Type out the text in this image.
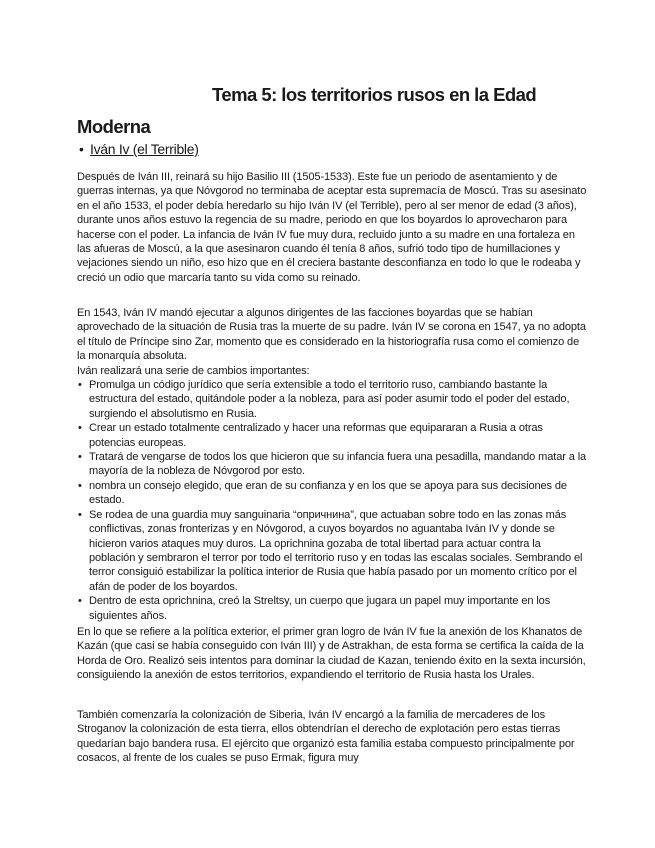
Tema 5: los territorios rusos en la Edad
Moderna
• Iván Iv (el Terrible)

Después de Iván III, reinará su hijo Basilio III (1505-1533). Este fue un periodo de asentamiento y de guerras internas, ya que Nóvgorod no terminaba de aceptar esta supremacía de Moscú. Tras su asesinato en el año 1533, el poder debía heredarlo su hijo Iván IV (el Terrible), pero al ser menor de edad (3 años), durante unos años estuvo la regencia de su madre, periodo en que los boyardos lo aprovecharon para hacerse con el poder. La infancia de Iván IV fue muy dura, recluido junto a su madre en una fortaleza en las afueras de Moscú, a la que asesinaron cuando él tenía 8 años, sufrió todo tipo de humillaciones y vejaciones siendo un niño, eso hizo que en él creciera bastante desconfianza en todo lo que le rodeaba y creció un odio que marcaría tanto su vida como su reinado.

En 1543, Iván IV mandó ejecutar a algunos dirigentes de las facciones boyardas que se habían aprovechado de la situación de Rusia tras la muerte de su padre. Iván IV se corona en 1547, ya no adopta el título de Príncipe sino Zar, momento que es considerado en la historiografía rusa como el comienzo de la monarquía absoluta.

Iván realizará una serie de cambios importantes:

• Promulga un código jurídico que sería extensible a todo el territorio ruso, cambiando bastante la estructura del estado, quitándole poder a la nobleza, para así poder asumir todo el poder del estado, surgiendo el absolutismo en Rusia.
• Crear un estado totalmente centralizado y hacer una reformas que equipararan a Rusia a otras potencias europeas.
• Tratará de vengarse de todos los que hicieron que su infancia fuera una pesadilla, mandando matar a la mayoría de la nobleza de Nóvgorod por esto.
• nombra un consejo elegido, que eran de su confianza y en los que se apoya para sus decisiones de estado.
• Se rodea de una guardia muy sanguinaria “опричнина”, que actuaban sobre todo en las zonas más conflictivas, zonas fronterizas y en Nóvgorod, a cuyos boyardos no aguantaba Iván IV y donde se hicieron varios ataques muy duros. La oprichnina gozaba de total libertad para actuar contra la población y sembraron el terror por todo el territorio ruso y en todas las escalas sociales. Sembrando el terror consiguió estabilizar la política interior de Rusia que había pasado por un momento crítico por el afán de poder de los boyardos.
• Dentro de esta oprichnina, creó la Streltsy, un cuerpo que jugara un papel muy importante en los siguientes años.

En lo que se refiere a la política exterior, el primer gran logro de Iván IV fue la anexión de los Khanatos de Kazán (que casi se había conseguido con Iván III) y de Astrakhan, de esta forma se certifica la caída de la Horda de Oro. Realizó seis intentos para dominar la ciudad de Kazan, teniendo éxito en la sexta incursión, consiguiendo la anexión de estos territorios, expandiendo el territorio de Rusia hasta los Urales.

También comenzaría la colonización de Siberia, Iván IV encargó a la familia de mercaderes de los Stroganov la colonización de esta tierra, ellos obtendrían el derecho de explotación pero estas tierras quedarían bajo bandera rusa. El ejército que organizó esta familia estaba compuesto principalmente por cosacos, al frente de los cuales se puso Ermak, figura muy
